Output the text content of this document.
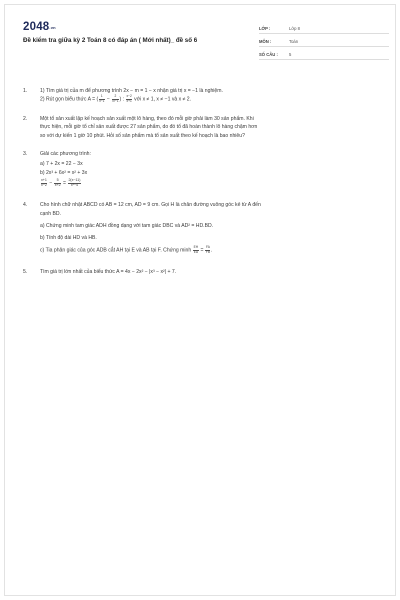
$2048^{.vn}$
Đề kiểm tra giữa kỳ 2 Toán 8 có đáp án ( Mới nhất)_ đề số 6
LỚP :	Lớp 8
MÔN :	Toán
SỐ CÂU :	5
1.	1) Tìm giá trị của m để phương trình 2x − m = 1 − x nhận giá trị x = −1 là nghiệm.
2) Rút gọn biểu thức A = ( $\frac{1}{x-1} - \frac{2}{\text{x²−1}}$ ) : $\frac{x-2}{x+1}$ với x ≠ 1, x ≠ −1 và x ≠ 2.
2.	Một tổ sản xuất lập kế hoạch sản xuất một lô hàng, theo đó mỗi giờ phải làm 30 sản phẩm. Khi
thực hiện, mỗi giờ tổ chỉ sản xuất được 27 sản phẩm, do đó tổ đã hoàn thành lô hàng chậm hơn
so với dự kiến 1 giờ 10 phút. Hỏi số sản phẩm mà tổ sản xuất theo kế hoạch là bao nhiêu?
3.	Giải các phương trình:
a) 7 + 2x = 22 − 3x
b) 2x³ + 6x² = x² + 3x
$\frac{x+1}{x-2} - \frac{5}{x+2} = \frac{2(x-11)}{\text{x²−4}}$
4.	Cho hình chữ nhật ABCD có AB = 12 cm, AD = 9 cm. Gọi H là chân đường vuông góc kẻ từ A đến
cạnh BD.
a) Chứng minh tam giác ADH đồng dạng với tam giác DBC và AD² = HD.BD.
b) Tính độ dài HD và HB.
c) Tia phân giác của góc ADB cắt AH tại E và AB tại F. Chứng minh $\frac{EH}{EA} = \frac{FA}{FB}$ .
5.	Tìm giá trị lớn nhất của biểu thức A = 4x − 2x² − |x³ − x²| + 7.
